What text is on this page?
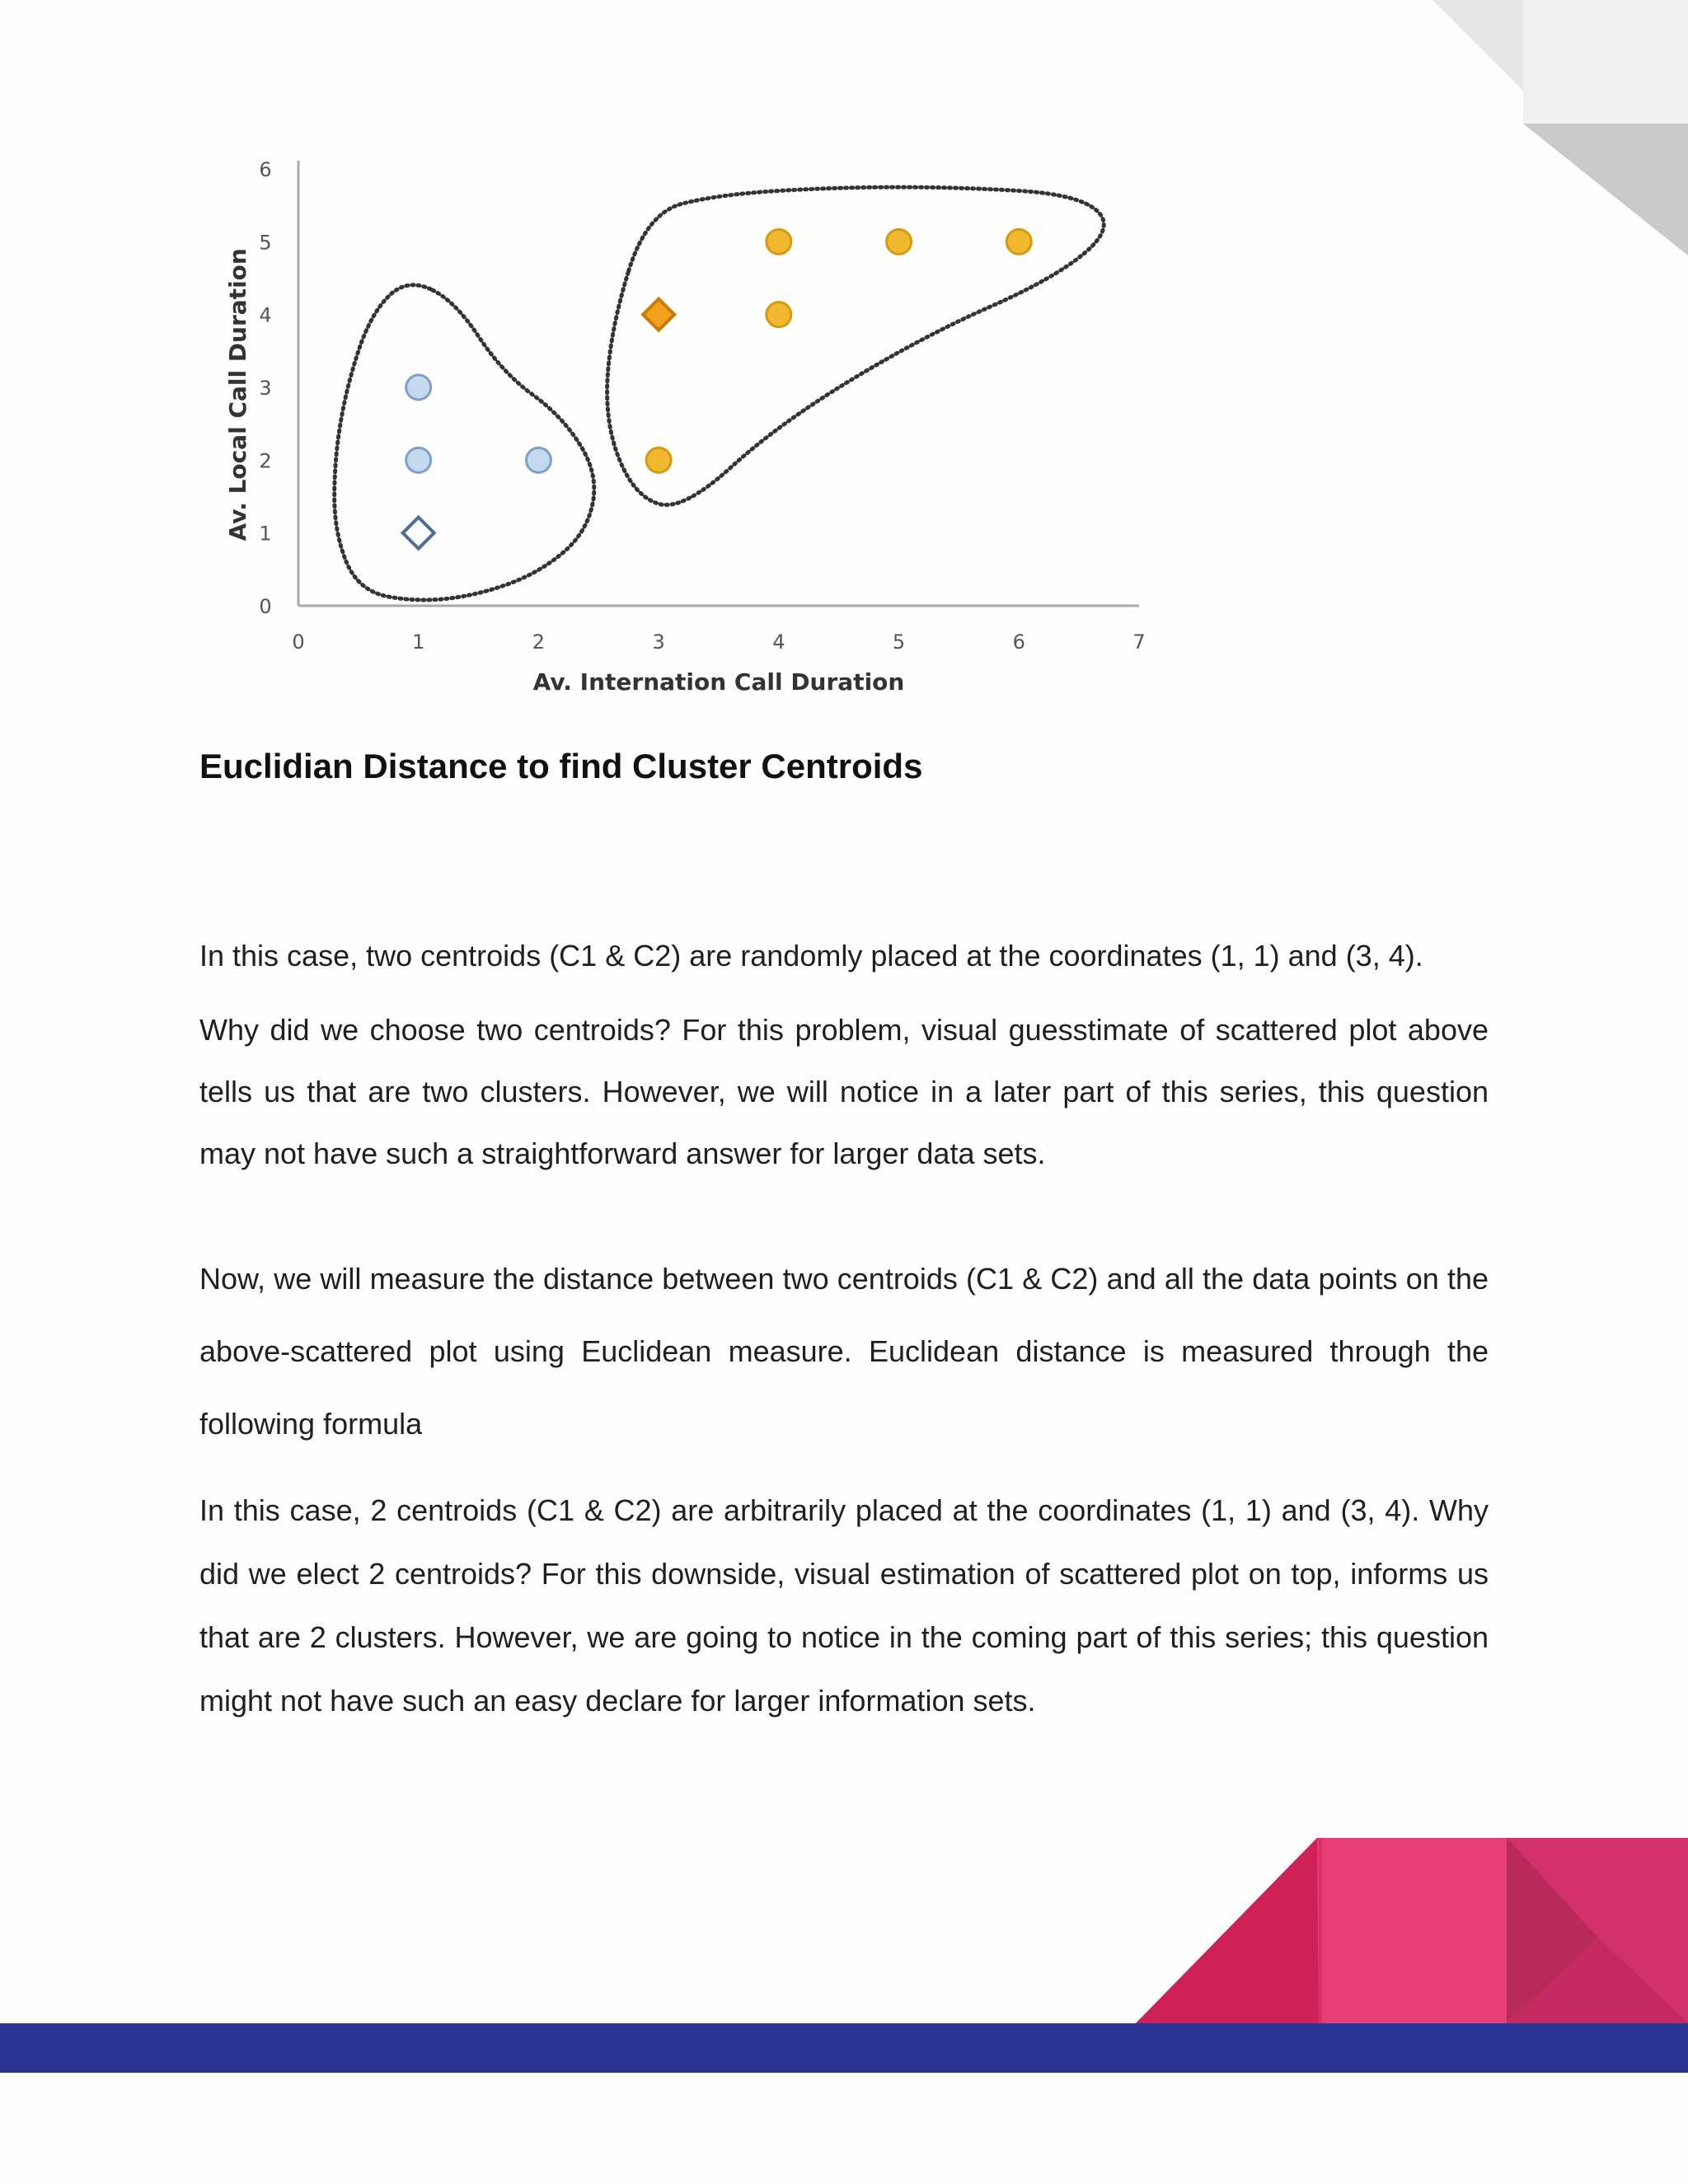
0	1	2	3	4	5	6	7
0
1
2
3
4
5
6
Av. Internation Call Duration
Av. Local Call Duration
Euclidian Distance to find Cluster Centroids

In this case, two centroids (C1 & C2) are randomly placed at the coordinates (1, 1) and (3, 4).

Why did we choose two centroids? For this problem, visual guesstimate of scattered plot above tells us that are two clusters. However, we will notice in a later part of this series, this question may not have such a straightforward answer for larger data sets.

Now, we will measure the distance between two centroids (C1 & C2) and all the data points on the above-scattered plot using Euclidean measure. Euclidean distance is measured through the following formula

In this case, 2 centroids (C1 & C2) are arbitrarily placed at the coordinates (1, 1) and (3, 4). Why did we elect 2 centroids? For this downside, visual estimation of scattered plot on top, informs us that are 2 clusters. However, we are going to notice in the coming part of this series; this question might not have such an easy declare for larger information sets.
